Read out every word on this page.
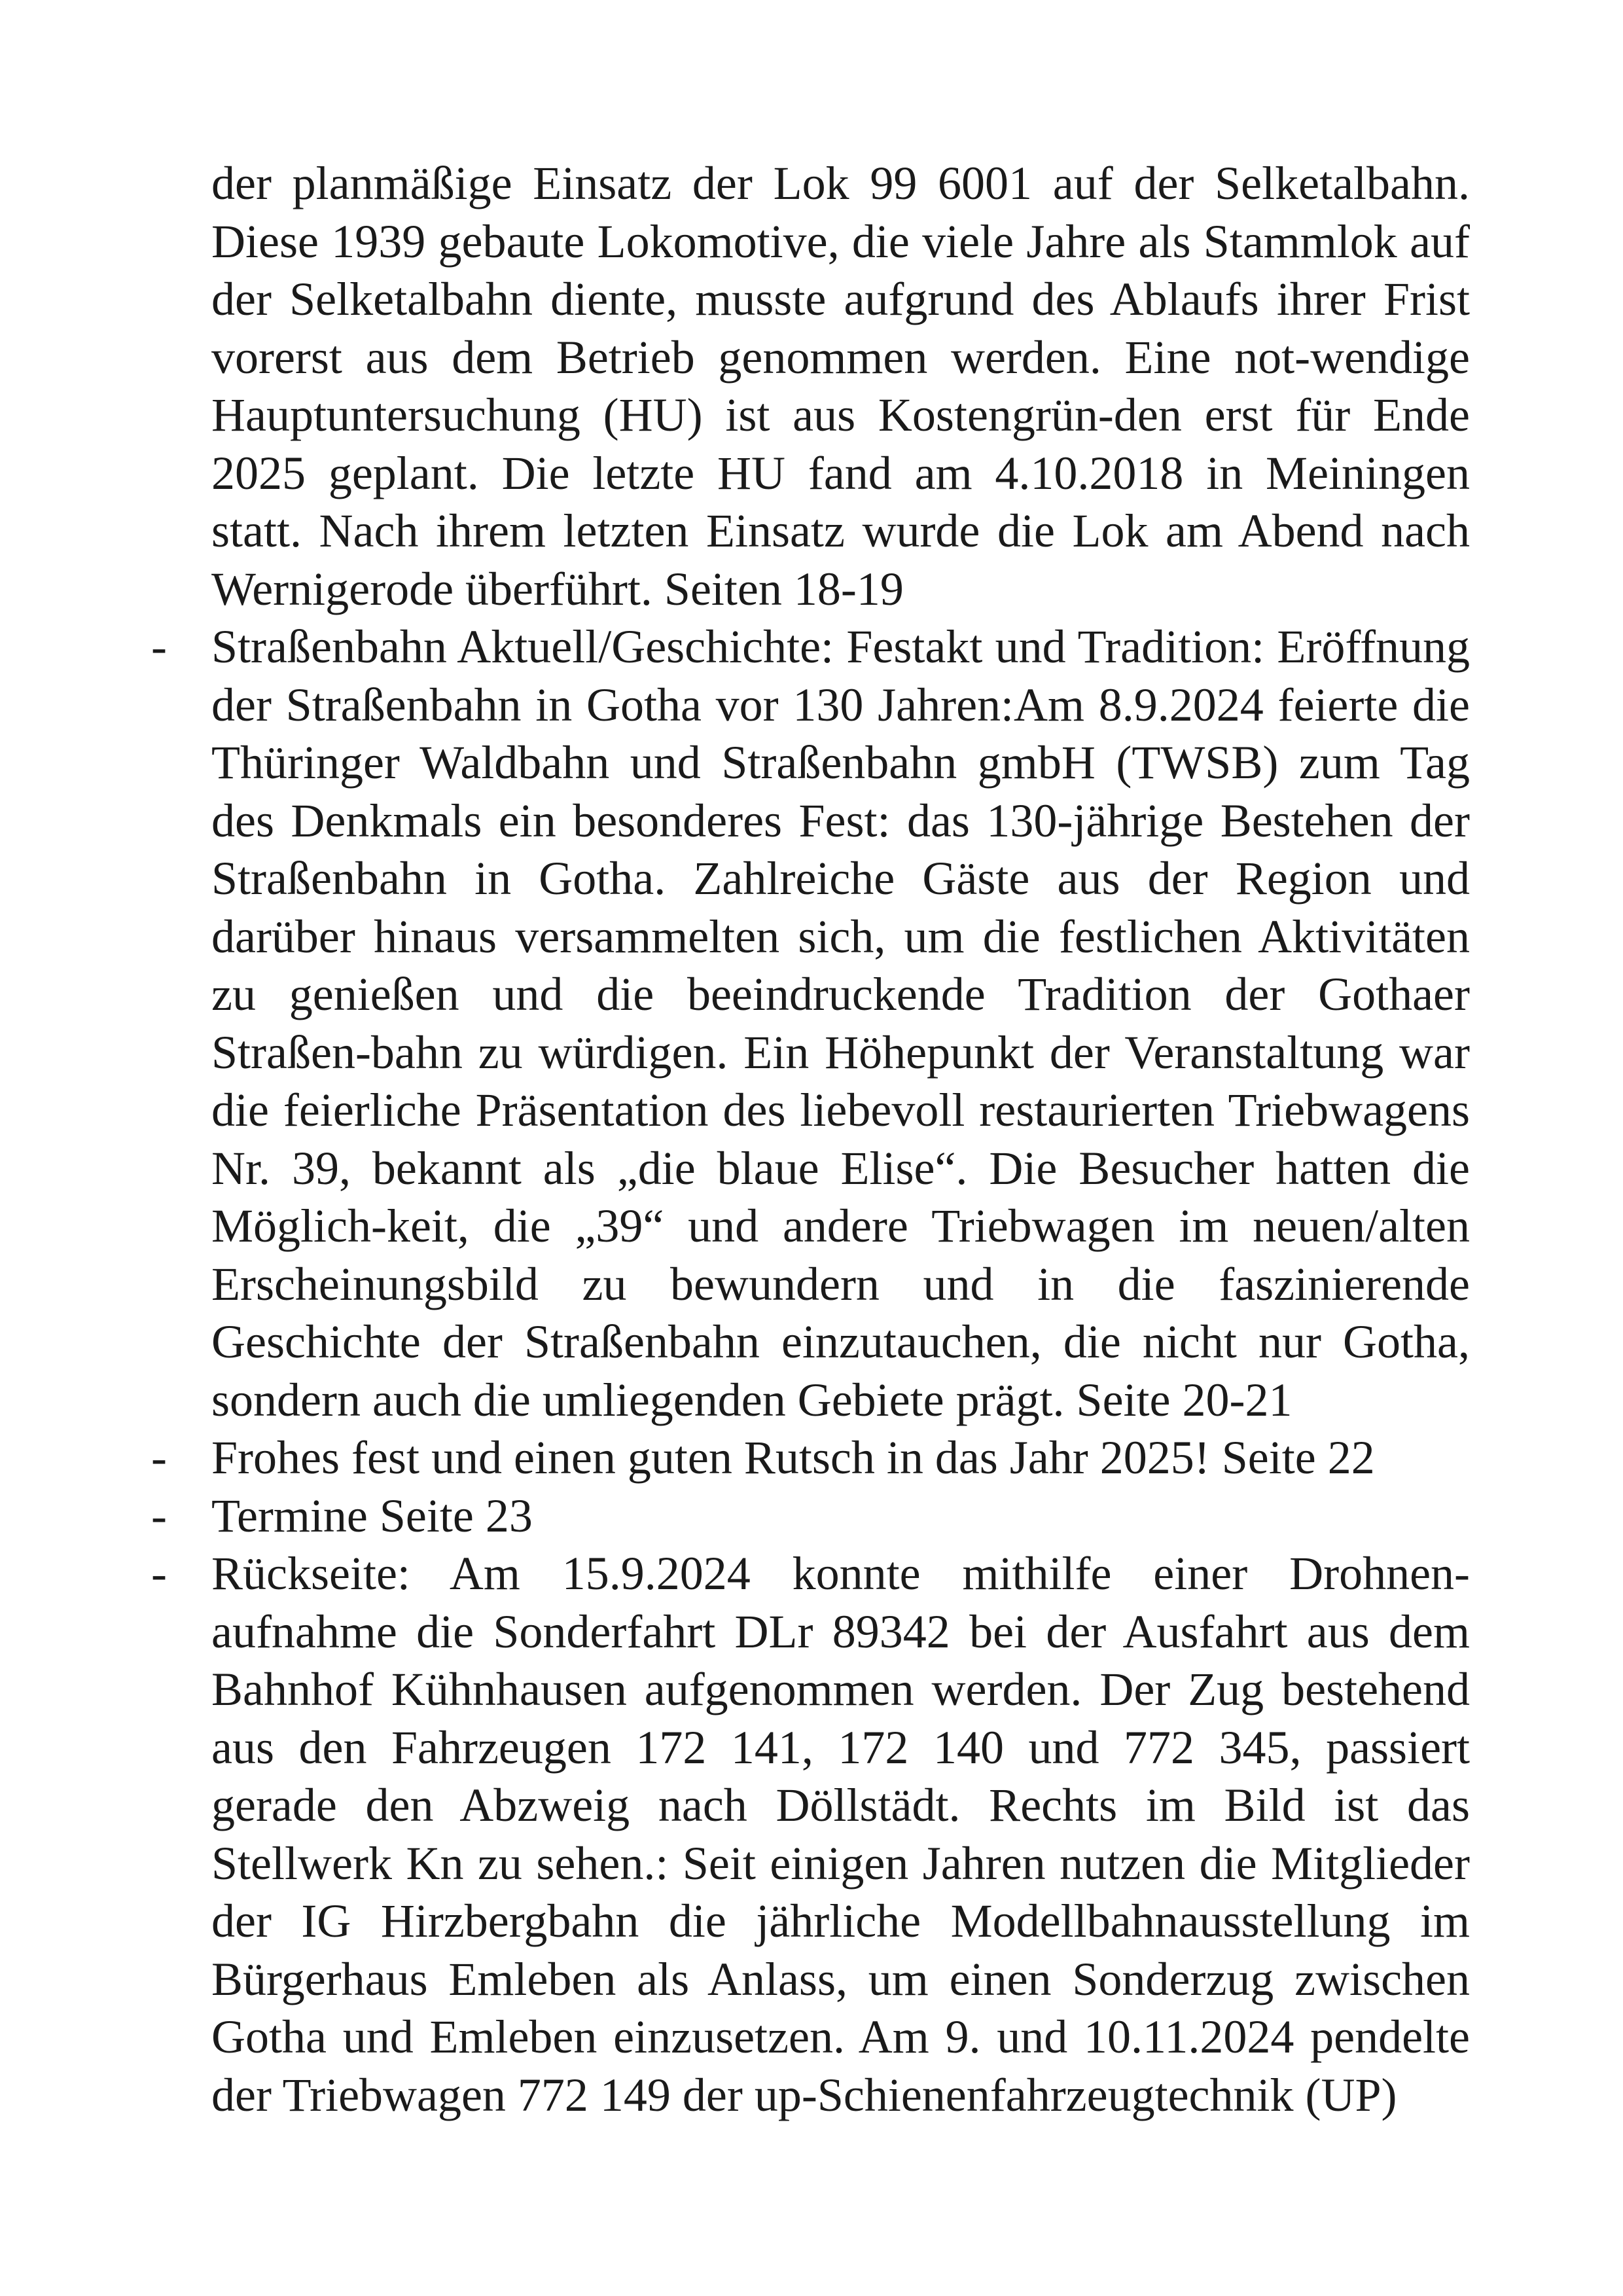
der planmäßige Einsatz der Lok 99 6001 auf der Selketalbahn. Diese 1939 gebaute Lokomotive, die viele Jahre als Stammlok auf der Selketalbahn diente, musste aufgrund des Ablaufs ihrer Frist vorerst aus dem Betrieb genommen werden. Eine not-wendige Hauptuntersuchung (HU) ist aus Kostengrün-den erst für Ende 2025 geplant. Die letzte HU fand am 4.10.2018 in Meiningen statt. Nach ihrem letzten Einsatz wurde die Lok am Abend nach Wernigerode überführt. Seiten 18-19

- Straßenbahn Aktuell/Geschichte: Festakt und Tradition: Eröffnung der Straßenbahn in Gotha vor 130 Jahren:Am 8.9.2024 feierte die Thüringer Waldbahn und Straßenbahn gmbH (TWSB) zum Tag des Denkmals ein besonderes Fest: das 130-jährige Bestehen der Straßenbahn in Gotha. Zahlreiche Gäste aus der Region und darüber hinaus versammelten sich, um die festlichen Aktivitäten zu genießen und die beeindruckende Tradition der Gothaer Straßen-bahn zu würdigen. Ein Höhepunkt der Veranstaltung war die feierliche Präsentation des liebevoll restaurierten Triebwagens Nr. 39, bekannt als „die blaue Elise“. Die Besucher hatten die Möglich-keit, die „39“ und andere Triebwagen im neuen/alten Erscheinungsbild zu bewundern und in die faszinierende Geschichte der Straßenbahn einzutauchen, die nicht nur Gotha, sondern auch die umliegenden Gebiete prägt. Seite 20-21

- Frohes fest und einen guten Rutsch in das Jahr 2025! Seite 22

- Termine Seite 23

- Rückseite: Am 15.9.2024 konnte mithilfe einer Drohnen-aufnahme die Sonderfahrt DLr 89342 bei der Ausfahrt aus dem Bahnhof Kühnhausen aufgenommen werden. Der Zug bestehend aus den Fahrzeugen 172 141, 172 140 und 772 345, passiert gerade den Abzweig nach Döllstädt. Rechts im Bild ist das Stellwerk Kn zu sehen.: Seit einigen Jahren nutzen die Mitglieder der IG Hirzbergbahn die jährliche Modellbahnausstellung im Bürgerhaus Emleben als Anlass, um einen Sonderzug zwischen Gotha und Emleben einzusetzen. Am 9. und 10.11.2024 pendelte der Triebwagen 772 149 der up-Schienenfahrzeugtechnik (UP)
